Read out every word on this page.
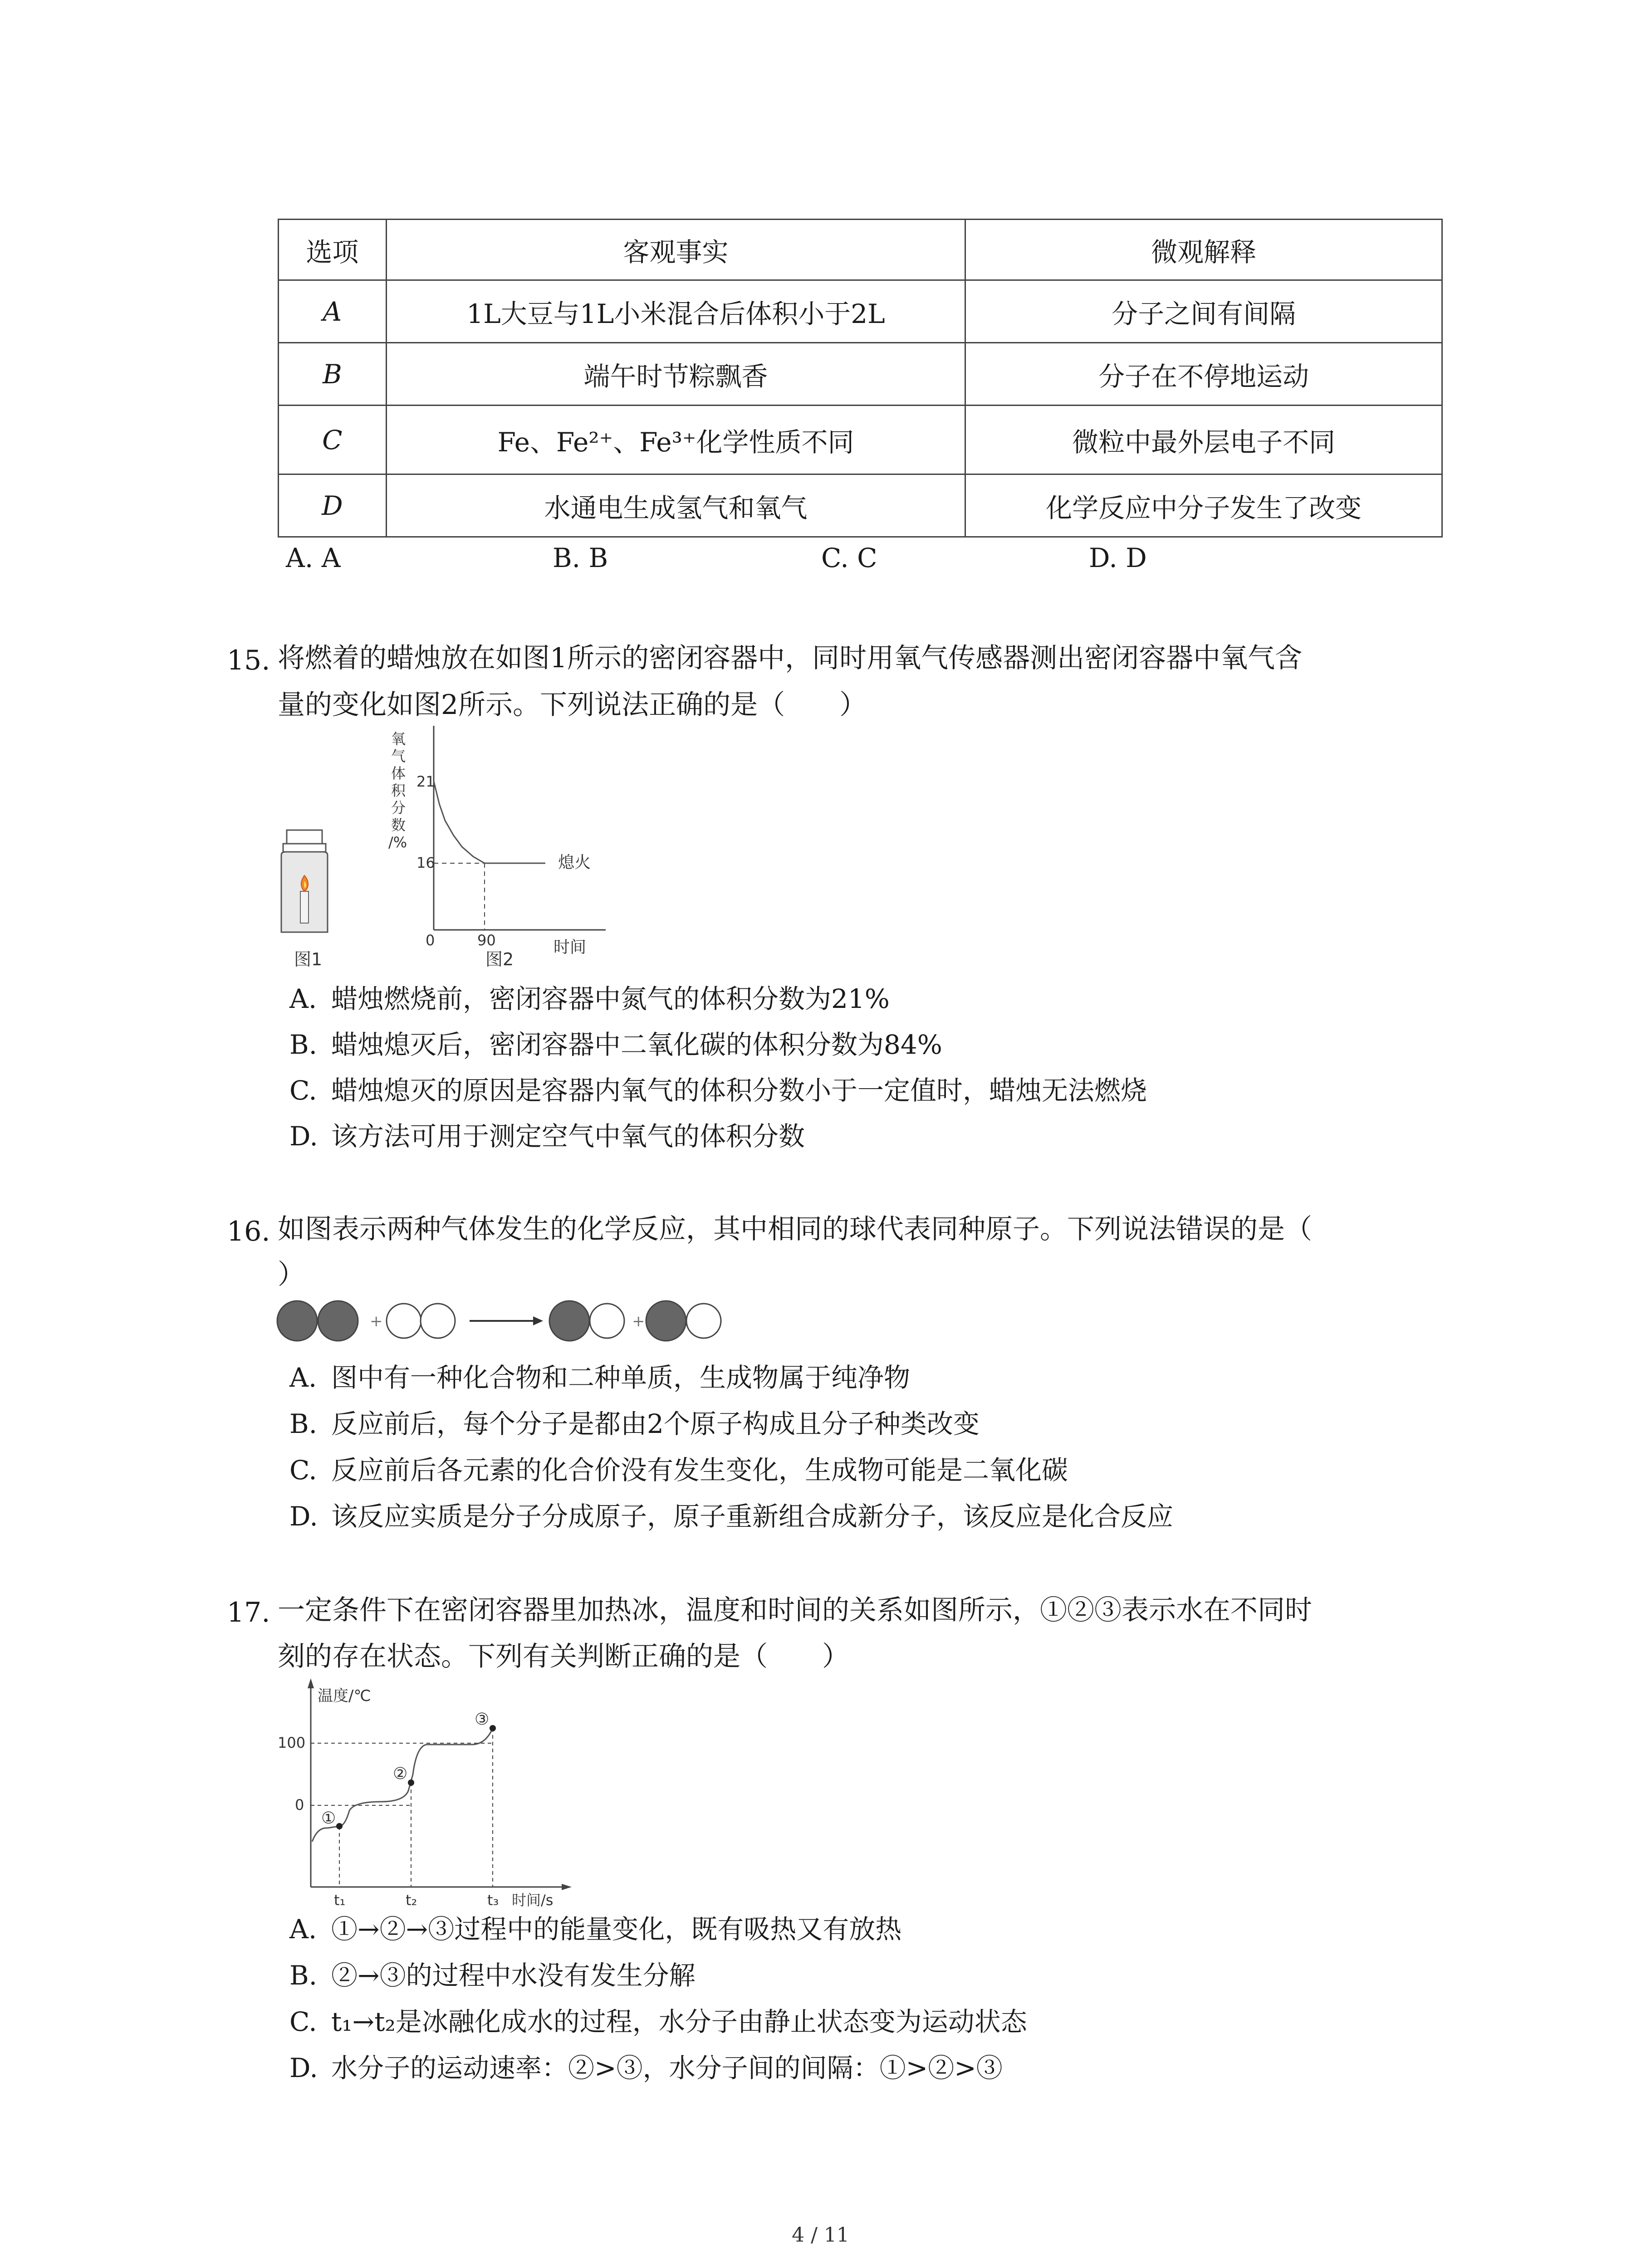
选项	客观事实	微观解释
A	1L大豆与1L小米混合后体积小于2L	分子之间有间隔
B	端午时节粽飘香	分子在不停地运动
C	Fe、Fe²⁺、Fe³⁺化学性质不同	微粒中最外层电子不同
D	水通电生成氢气和氧气	化学反应中分子发生了改变
A. A	B. B	C. C	D. D
15. 将燃着的蜡烛放在如图1所示的密闭容器中，同时用氧气传感器测出密闭容器中氧气含
量的变化如图2所示。下列说法正确的是（　　）
图1
氧气体积分数/%
21
16
0	90
熄火
时间
图2
A. 蜡烛燃烧前，密闭容器中氮气的体积分数为21%
B. 蜡烛熄灭后，密闭容器中二氧化碳的体积分数为84%
C. 蜡烛熄灭的原因是容器内氧气的体积分数小于一定值时，蜡烛无法燃烧
D. 该方法可用于测定空气中氧气的体积分数
16. 如图表示两种气体发生的化学反应，其中相同的球代表同种原子。下列说法错误的是（
）
+	+
A. 图中有一种化合物和二种单质，生成物属于纯净物
B. 反应前后，每个分子是都由2个原子构成且分子种类改变
C. 反应前后各元素的化合价没有发生变化，生成物可能是二氧化碳
D. 该反应实质是分子分成原子，原子重新组合成新分子，该反应是化合反应
17. 一定条件下在密闭容器里加热冰，温度和时间的关系如图所示，①②③表示水在不同时
刻的存在状态。下列有关判断正确的是（　　）
温度/℃
100
0
①
②
③
t₁	t₂	t₃ 时间/s
A. ①→②→③过程中的能量变化，既有吸热又有放热
B. ②→③的过程中水没有发生分解
C. t₁→t₂是冰融化成水的过程，水分子由静止状态变为运动状态
D. 水分子的运动速率：②>③，水分子间的间隔：①>②>③
4 / 11
